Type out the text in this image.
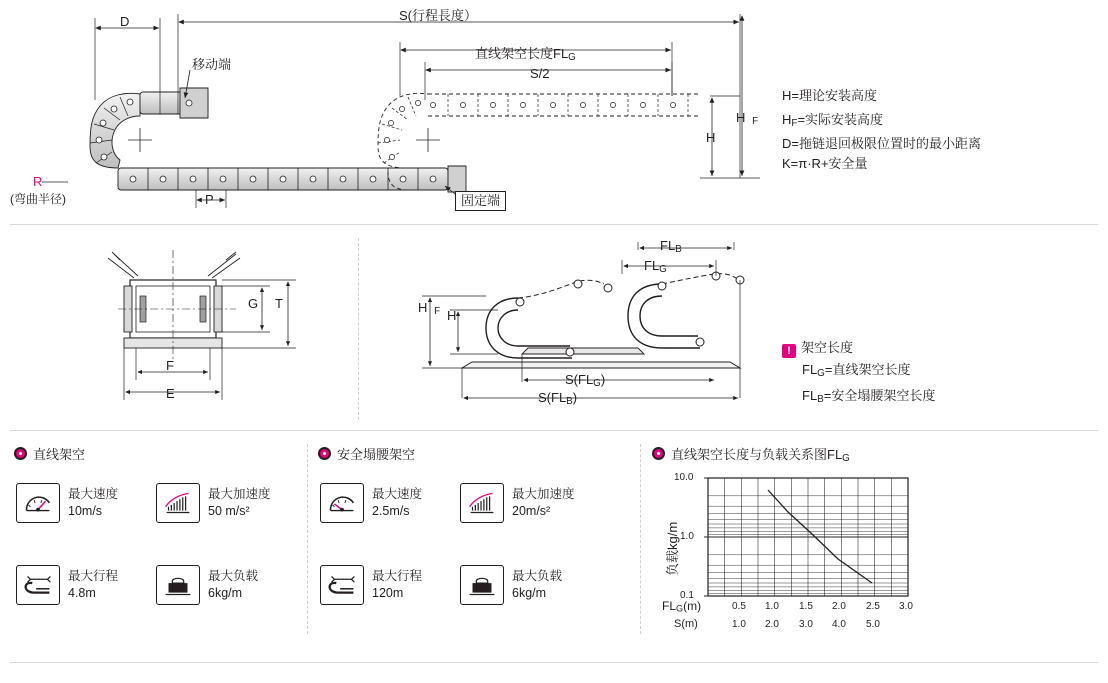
D	S(行程長度）
直线架空长度FLG
S/2
H
HF
P
移动端
固定端
R
(弯曲半径)
H=理论安装高度
HF=实际安装高度
D=拖链退回极限位置时的最小距离
K=π·R+安全量
G T
F
E
FLB
FLG
HF H
S(FLG)
S(FLB)
! 架空长度
FLG=直线架空长度
FLB=安全塌腰架空长度
直线架空
最大速度
10m/s
最大加速度
50 m/s²
最大行程
4.8m
最大负载
6kg/m
安全塌腰架空
最大速度
2.5m/s
最大加速度
20m/s²
最大行程
120m
最大负载
6kg/m
直线架空长度与负载关系图FLG
10.0
1.0
0.1
负载kg/m
0.5 1.0 1.5 2.0 2.5 3.0
FLG(m)
1.0 2.0 3.0 4.0 5.0
S(m)
